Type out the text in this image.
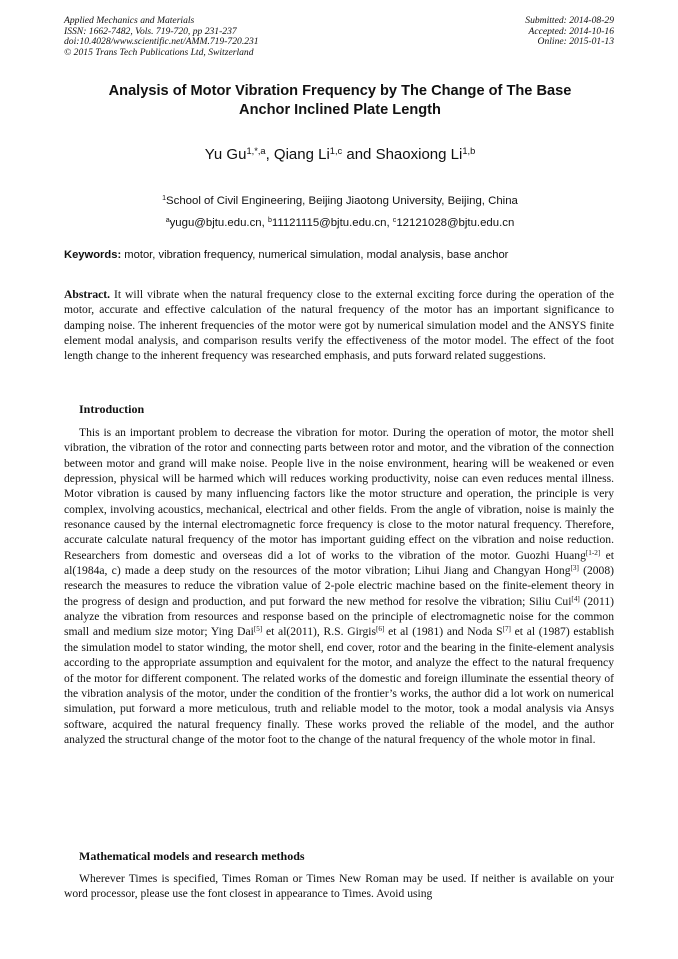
Applied Mechanics and Materials
ISSN: 1662-7482, Vols. 719-720, pp 231-237
doi:10.4028/www.scientific.net/AMM.719-720.231
© 2015 Trans Tech Publications Ltd, Switzerland
Submitted: 2014-08-29
Accepted: 2014-10-16
Online: 2015-01-13
Analysis of Motor Vibration Frequency by The Change of The Base
Anchor Inclined Plate Length
Yu $Gu^{1,*,a}$, Qiang Li$^{1,c}$ and Shaoxiong Li$^{1,b}$
$^1$School of Civil Engineering, Beijing Jiaotong University, Beijing, China
$^a$yugu@bjtu.edu.cn, $^b$11121115@bjtu.edu.cn, $^c$12121028@bjtu.edu.cn
Keywords: motor, vibration frequency, numerical simulation, modal analysis, base anchor

Abstract. It will vibrate when the natural frequency close to the external exciting force during the operation of the motor, accurate and effective calculation of the natural frequency of the motor has an important significance to damping noise. The inherent frequencies of the motor were got by numerical simulation model and the ANSYS finite element modal analysis, and comparison results verify the effectiveness of the motor model. The effect of the foot length change to the inherent frequency was researched emphasis, and puts forward related suggestions.

Introduction

This is an important problem to decrease the vibration for motor. During the operation of motor, the motor shell vibration, the vibration of the rotor and connecting parts between rotor and motor, and the vibration of the connection between motor and grand will make noise. People live in the noise environment, hearing will be weakened or even depression, physical will be harmed which will reduces working productivity, noise can even reduces mental illness. Motor vibration is caused by many influencing factors like the motor structure and operation, the principle is very complex, involving acoustics, mechanical, electrical and other fields. From the angle of vibration, noise is mainly the resonance caused by the internal electromagnetic force frequency is close to the motor natural frequency. Therefore, accurate calculate natural frequency of the motor has important guiding effect on the vibration and noise reduction. Researchers from domestic and overseas did a lot of works to the vibration of the motor. Guozhi Huang[1-2] et al(1984a, c) made a deep study on the resources of the motor vibration; Lihui Jiang and Changyan Hong[3] (2008) research the measures to reduce the vibration value of 2-pole electric machine based on the finite-element theory in the progress of design and production, and put forward the new method for resolve the vibration; Siliu Cui[4] (2011) analyze the vibration from resources and response based on the principle of electromagnetic noise for the common small and medium size motor; Ying Dai[5] et al(2011), R.S. Girgis[6] et al (1981) and Noda S[7] et al (1987) establish the simulation model to stator winding, the motor shell, end cover, rotor and the bearing in the finite-element analysis according to the appropriate assumption and equivalent for the motor, and analyze the effect to the natural frequency of the motor for different component. The related works of the domestic and foreign illuminate the essential theory of the vibration analysis of the motor, under the condition of the frontier’s works, the author did a lot work on numerical simulation, put forward a more meticulous, truth and reliable model to the motor, took a modal analysis via Ansys software, acquired the natural frequency finally. These works proved the reliable of the model, and the author analyzed the structural change of the motor foot to the change of the natural frequency of the whole motor in final.

Mathematical models and research methods

Wherever Times is specified, Times Roman or Times New Roman may be used. If neither is available on your word processor, please use the font closest in appearance to Times. Avoid using
